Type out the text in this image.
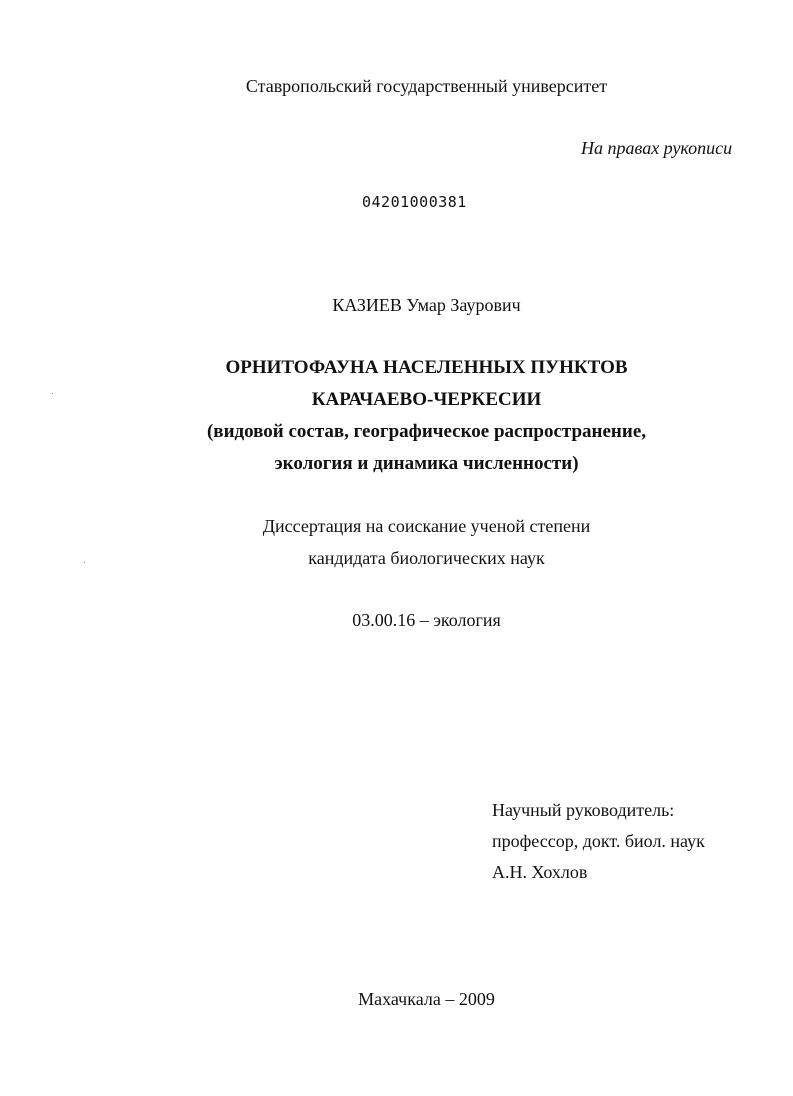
Ставропольский государственный университет
На правах рукописи
04201000381
КАЗИЕВ Умар Заурович
ОРНИТОФАУНА НАСЕЛЕННЫХ ПУНКТОВ
КАРАЧАЕВО-ЧЕРКЕСИИ
(видовой состав, географическое распространение,
экология и динамика численности)
Диссертация на соискание ученой степени
кандидата биологических наук
03.00.16 – экология
Научный руководитель:
профессор, докт. биол. наук
А.Н. Хохлов
Махачкала – 2009
